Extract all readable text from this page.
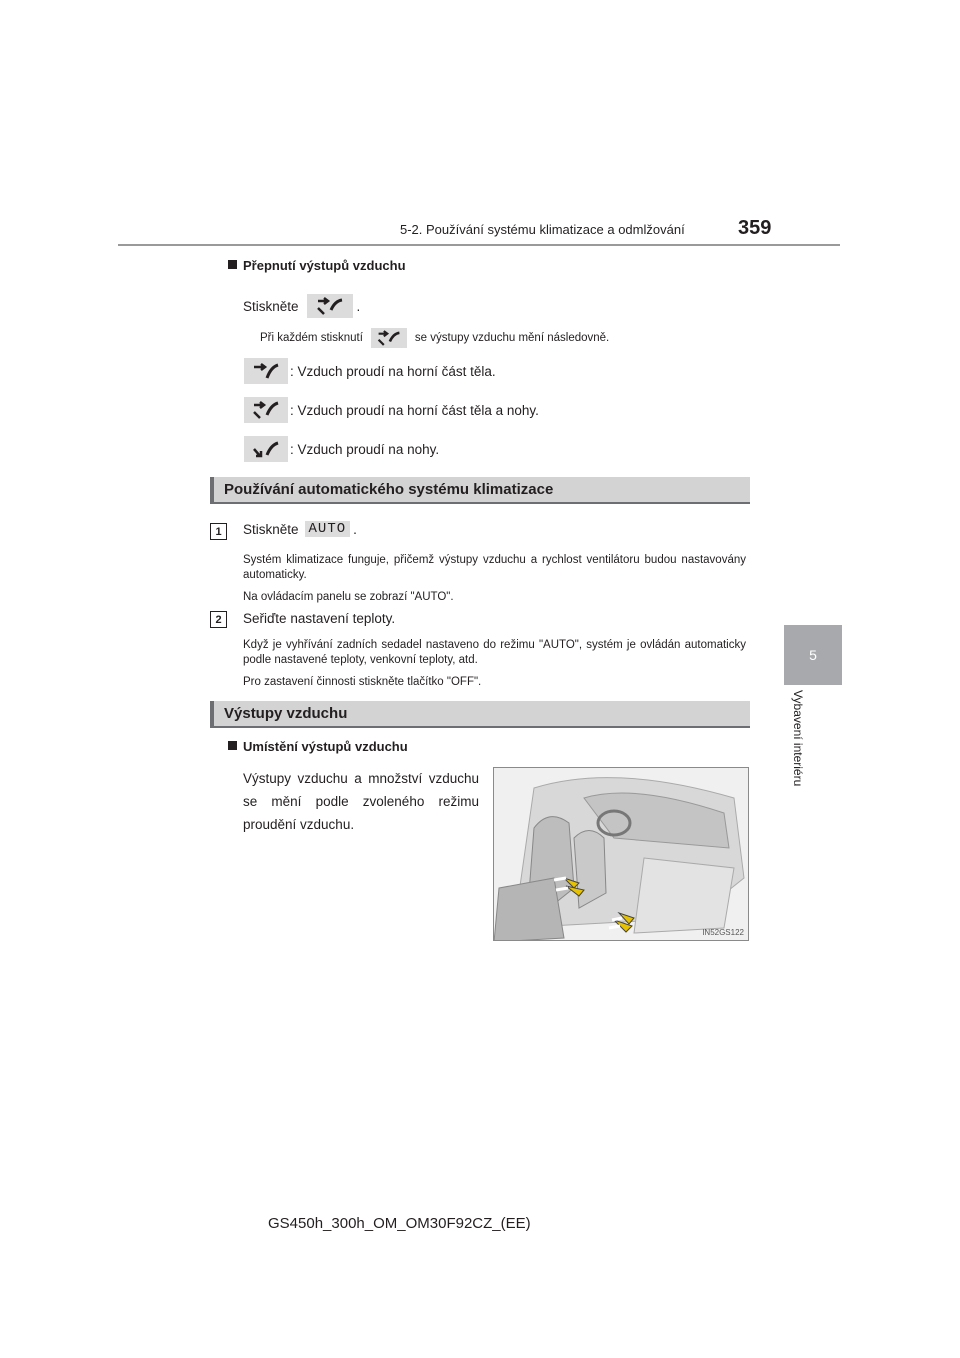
5-2. Používání systému klimatizace a odmlžování	359
5
Vybavení interiéru
Přepnutí výstupů vzduchu
Stiskněte	.
Při každém stisknutí	se výstupy vzduchu mění následovně.
: Vzduch proudí na horní část těla.
: Vzduch proudí na horní část těla a nohy.
: Vzduch proudí na nohy.
Používání automatického systému klimatizace
1	Stiskněte AUTO .
Systém klimatizace funguje, přičemž výstupy vzduchu a rychlost ventilátoru budou nastavovány automaticky.
Na ovládacím panelu se zobrazí "AUTO".
2	Seřiďte nastavení teploty.
Když je vyhřívání zadních sedadel nastaveno do režimu "AUTO", systém je ovládán automaticky podle nastavené teploty, venkovní teploty, atd.
Pro zastavení činnosti stiskněte tlačítko "OFF".
Výstupy vzduchu
Umístění výstupů vzduchu
Výstupy vzduchu a množství vzduchu se mění podle zvoleného režimu proudění vzduchu.
IN52GS122
GS450h_300h_OM_OM30F92CZ_(EE)
